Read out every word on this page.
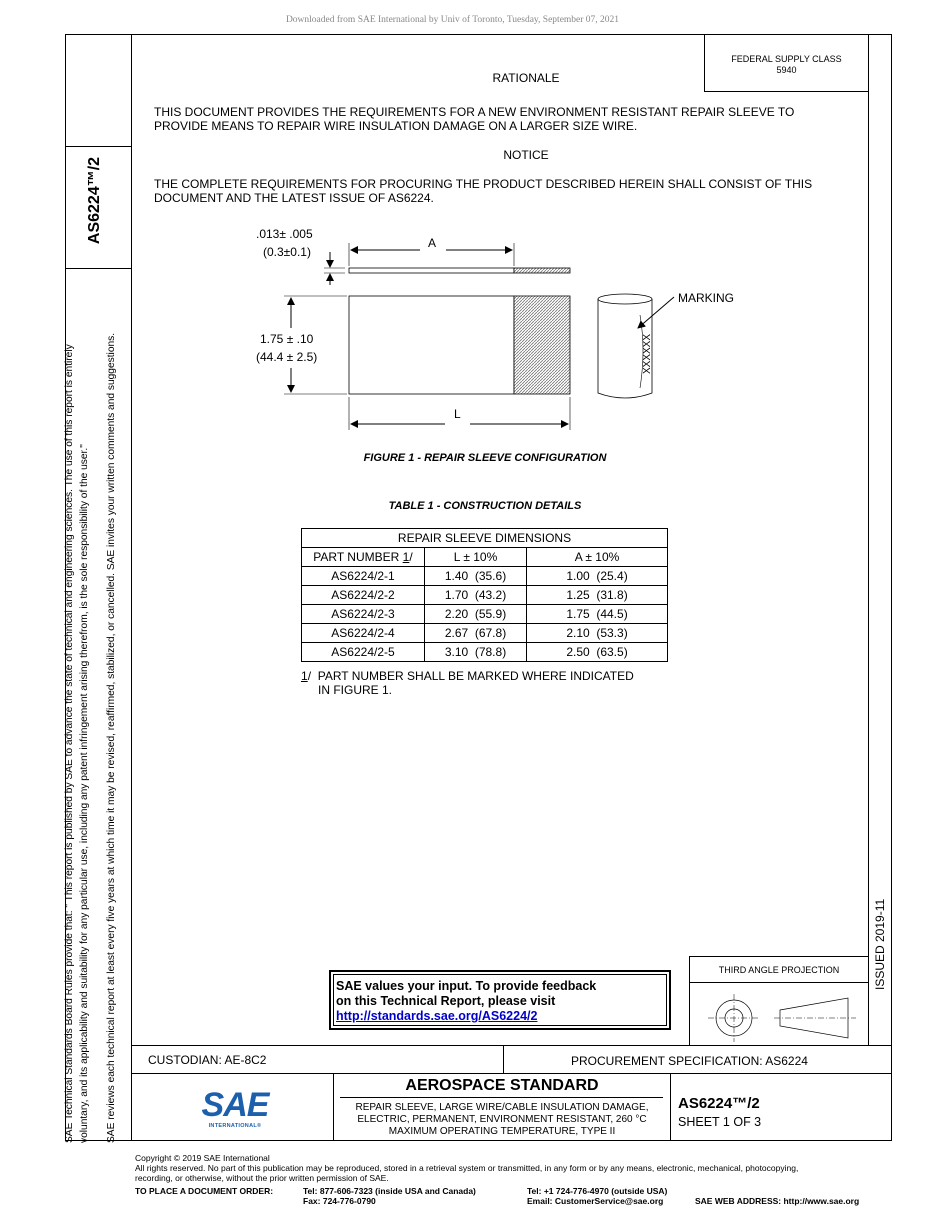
Downloaded from SAE International by Univ of Toronto, Tuesday, September 07, 2021
AS6224™/2
SAE Technical Standards Board Rules provide that: " This report is published by SAE to advance the state of technical and engineering sciences. The use of this report is entirely voluntary, and its applicability and suitability for any particular use, including any patent infringement arising therefrom, is the sole responsibility of the user." SAE reviews each technical report at least every five years at which time it may be revised, reaffirmed, stabilized, or cancelled. SAE invites your written comments and suggestions.	ISSUED 2019-11
FEDERAL SUPPLY CLASS
5940
RATIONALE
THIS DOCUMENT PROVIDES THE REQUIREMENTS FOR A NEW ENVIRONMENT RESISTANT REPAIR SLEEVE TO
PROVIDE MEANS TO REPAIR WIRE INSULATION DAMAGE ON A LARGER SIZE WIRE.
NOTICE
THE COMPLETE REQUIREMENTS FOR PROCURING THE PRODUCT DESCRIBED HEREIN SHALL CONSIST OF THIS
DOCUMENT AND THE LATEST ISSUE OF AS6224.
.013± .005
(0.3±0.1)
A
1.75 ± .10
(44.4 ± 2.5)
L
XXXXXX
MARKING
FIGURE 1 - REPAIR SLEEVE CONFIGURATION
TABLE 1 - CONSTRUCTION DETAILS
REPAIR SLEEVE DIMENSIONS		
PART NUMBER 1/	L ± 10%	A ± 10%
AS6224/2-1	1.40  (35.6)	1.00  (25.4)
AS6224/2-2	1.70  (43.2)	1.25  (31.8)
AS6224/2-3	2.20  (55.9)	1.75  (44.5)
AS6224/2-4	2.67  (67.8)	2.10  (53.3)
AS6224/2-5	3.10  (78.8)	2.50  (63.5)
1/ PART NUMBER SHALL BE MARKED WHERE INDICATED
IN FIGURE 1.
SAE values your input. To provide feedback
on this Technical Report, please visit
http://standards.sae.org/AS6224/2
THIRD ANGLE PROJECTION
CUSTODIAN: AE-8C2	PROCUREMENT SPECIFICATION: AS6224
SAE
INTERNATIONAL®
AEROSPACE STANDARD
REPAIR SLEEVE, LARGE WIRE/CABLE INSULATION DAMAGE,
ELECTRIC, PERMANENT, ENVIRONMENT RESISTANT, 260 °C
MAXIMUM OPERATING TEMPERATURE, TYPE II
AS6224™/2
SHEET 1 OF 3
Copyright © 2019 SAE International
All rights reserved. No part of this publication may be reproduced, stored in a retrieval system or transmitted, in any form or by any means, electronic, mechanical, photocopying,
recording, or otherwise, without the prior written permission of SAE.
TO PLACE A DOCUMENT ORDER:	Tel: 877-606-7323 (inside USA and Canada)
Fax: 724-776-0790
Tel: +1 724-776-4970 (outside USA)
Email: CustomerService@sae.org	SAE WEB ADDRESS: http://www.sae.org
